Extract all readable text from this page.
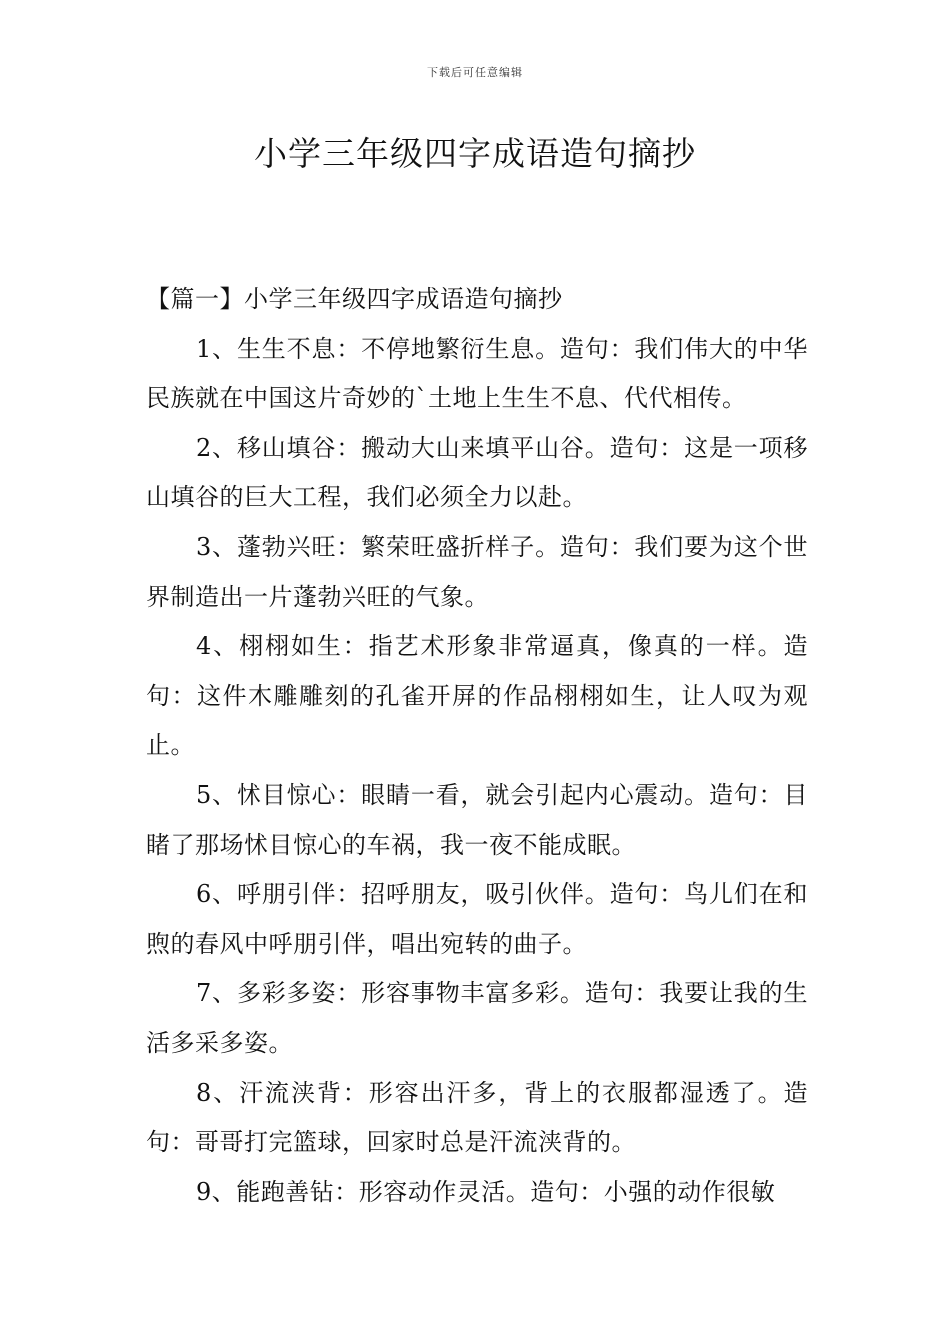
下载后可任意编辑
小学三年级四字成语造句摘抄

【篇一】小学三年级四字成语造句摘抄

1、生生不息：不停地繁衍生息。造句：我们伟大的中华民族就在中国这片奇妙的`土地上生生不息、代代相传。

2、移山填谷：搬动大山来填平山谷。造句：这是一项移山填谷的巨大工程，我们必须全力以赴。

3、蓬勃兴旺：繁荣旺盛折样子。造句：我们要为这个世界制造出一片蓬勃兴旺的气象。

4、栩栩如生：指艺术形象非常逼真，像真的一样。造句：这件木雕雕刻的孔雀开屏的作品栩栩如生，让人叹为观止。

5、怵目惊心：眼睛一看，就会引起内心震动。造句：目睹了那场怵目惊心的车祸，我一夜不能成眠。

6、呼朋引伴：招呼朋友，吸引伙伴。造句：鸟儿们在和煦的春风中呼朋引伴，唱出宛转的曲子。

7、多彩多姿：形容事物丰富多彩。造句：我要让我的生活多采多姿。

8、汗流浃背：形容出汗多，背上的衣服都湿透了。造句：哥哥打完篮球，回家时总是汗流浃背的。

9、能跑善钻：形容动作灵活。造句：小强的动作很敏
